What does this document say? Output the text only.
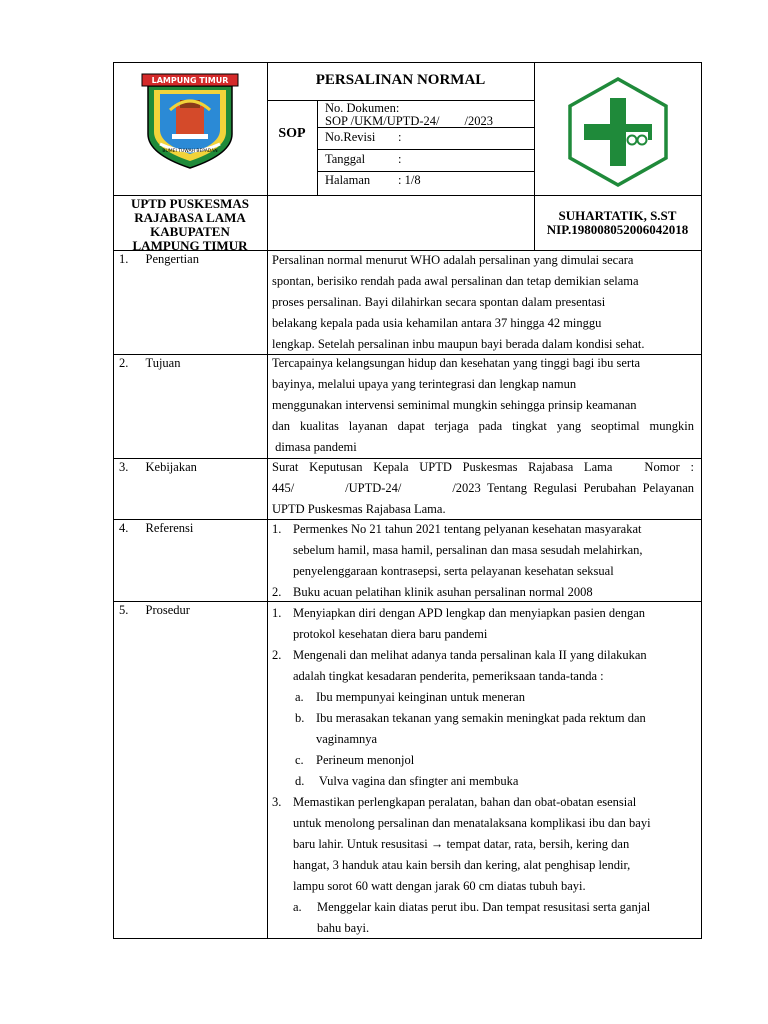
LAMPUNG TIMUR
BUMEI TUWAH BEPADAN
PERSALINAN NORMAL
SOP
No. Dokumen:
SOP /UKM/UPTD-24/        /2023
No.Revisi :
Tanggal	:
Halaman : 1/8
UPTD PUSKESMAS
RAJABASA LAMA
KABUPATEN
LAMPUNG TIMUR
SUHARTATIK, S.ST
NIP.198008052006042018
1. Pengertian
2. Tujuan
3. Kebijakan
4. Referensi
5. Prosedur
Persalinan normal menurut WHO adalah persalinan yang dimulai secara
spontan, berisiko rendah pada awal persalinan dan tetap demikian selama
proses persalinan. Bayi dilahirkan secara spontan dalam presentasi
belakang kepala pada usia kehamilan antara 37 hingga 42 minggu
lengkap. Setelah persalinan inbu maupun bayi berada dalam kondisi sehat.
Tercapainya kelangsungan hidup dan kesehatan yang tinggi bagi ibu serta
bayinya, melalui upaya yang terintegrasi dan lengkap namun
menggunakan intervensi seminimal mungkin sehingga prinsip keamanan
dan kualitas layanan dapat terjaga pada tingkat yang seoptimal mungkin
dimasa pandemi
Surat Keputusan Kepala UPTD Puskesmas Rajabasa Lama   Nomor :
445/        /UPTD-24/        /2023 Tentang Regulasi Perubahan Pelayanan
UPTD Puskesmas Rajabasa Lama.
1. Permenkes No 21 tahun 2021 tentang pelyanan kesehatan masyarakat
sebelum hamil, masa hamil, persalinan dan masa sesudah melahirkan,
penyelenggaraan kontrasepsi, serta pelayanan kesehatan seksual
2. Buku acuan pelatihan klinik asuhan persalinan normal 2008
1. Menyiapkan diri dengan APD lengkap dan menyiapkan pasien dengan
protokol kesehatan diera baru pandemi
2. Mengenali dan melihat adanya tanda persalinan kala II yang dilakukan
adalah tingkat kesadaran penderita, pemeriksaan tanda-tanda :
a. Ibu mempunyai keinginan untuk meneran
b. Ibu merasakan tekanan yang semakin meningkat pada rektum dan
vaginamnya
c. Perineum menonjol
d. Vulva vagina dan sfingter ani membuka
3. Memastikan perlengkapan peralatan, bahan dan obat-obatan esensial
untuk menolong persalinan dan menatalaksana komplikasi ibu dan bayi
baru lahir. Untuk resusitasi → tempat datar, rata, bersih, kering dan
hangat, 3 handuk atau kain bersih dan kering, alat penghisap lendir,
lampu sorot 60 watt dengan jarak 60 cm diatas tubuh bayi.
a. Menggelar kain diatas perut ibu. Dan tempat resusitasi serta ganjal
bahu bayi.
